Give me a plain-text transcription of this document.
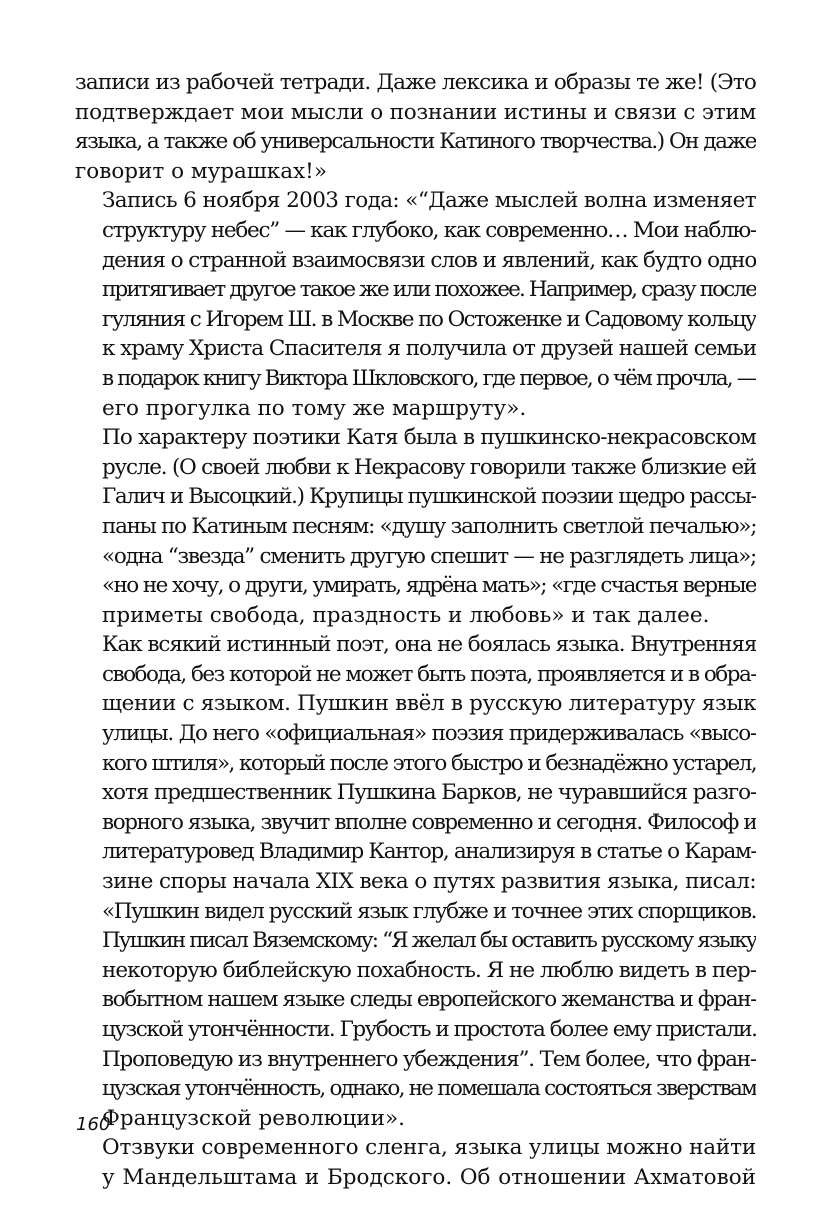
записи из рабочей тетради. Даже лексика и образы те же! (Это
подтверждает мои мысли о познании истины и связи с этим
языка, а также об универсальности Катиного творчества.) Он даже
говорит о мурашках!»

Запись 6 ноября 2003 года: «“Даже мыслей волна изменяет
структуру небес” — как глубоко, как современно… Мои наблю-
дения о странной взаимосвязи слов и явлений, как будто одно
притягивает другое такое же или похожее. Например, сразу после
гуляния с Игорем Ш. в Москве по Остоженке и Садовому кольцу
к храму Христа Спасителя я получила от друзей нашей семьи
в подарок книгу Виктора Шкловского, где первое, о чём прочла, —
его прогулка по тому же маршруту».

По характеру поэтики Катя была в пушкинско-некрасовском
русле. (О своей любви к Некрасову говорили также близкие ей
Галич и Высоцкий.) Крупицы пушкинской поэзии щедро рассы-
паны по Катиным песням: «душу заполнить светлой печалью»;
«одна “звезда” сменить другую спешит — не разглядеть лица»;
«но не хочу, о други, умирать, ядрёна мать»; «где счастья верные
приметы свобода, праздность и любовь» и так далее.

Как всякий истинный поэт, она не боялась языка. Внутренняя
свобода, без которой не может быть поэта, проявляется и в обра-
щении с языком. Пушкин ввёл в русскую литературу язык
улицы. До него «официальная» поэзия придерживалась «высо-
кого штиля», который после этого быстро и безнадёжно устарел,
хотя предшественник Пушкина Барков, не чуравшийся разго-
ворного языка, звучит вполне современно и сегодня. Философ и
литературовед Владимир Кантор, анализируя в статье о Карам-
зине споры начала XIX века о путях развития языка, писал:
«Пушкин видел русский язык глубже и точнее этих спорщиков.
Пушкин писал Вяземскому: “Я желал бы оставить русскому языку
некоторую библейскую похабность. Я не люблю видеть в пер-
вобытном нашем языке следы европейского жеманства и фран-
цузской утончённости. Грубость и простота более ему пристали.
Проповедую из внутреннего убеждения”. Тем более, что фран-
цузская утончённость, однако, не помешала состояться зверствам
Французской революции».

Отзвуки современного сленга, языка улицы можно найти
у Мандельштама и Бродского. Об отношении Ахматовой

160
